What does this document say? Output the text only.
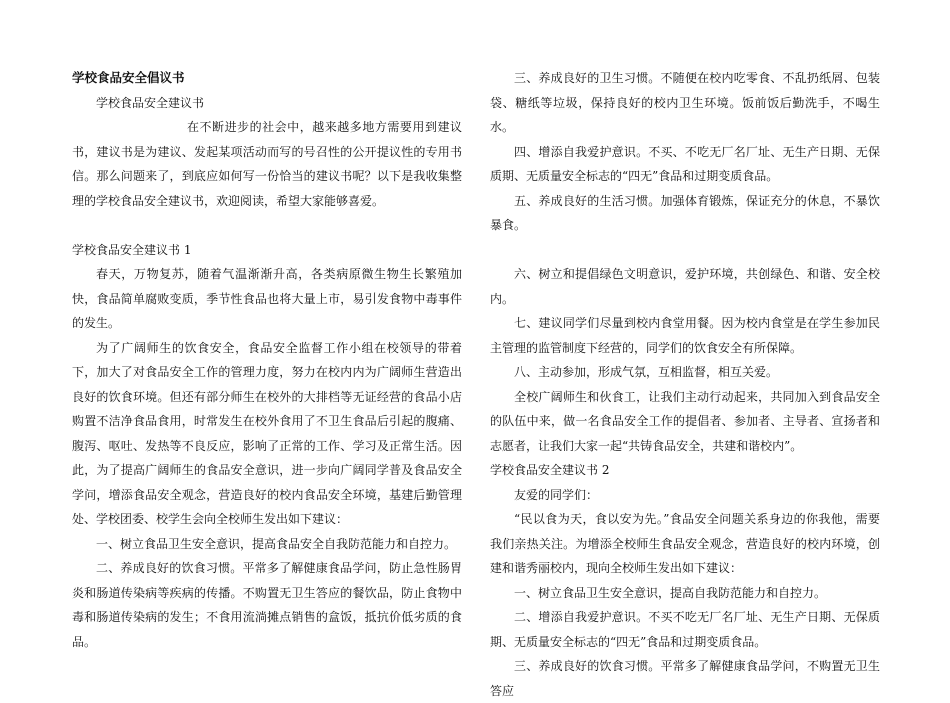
学校食品安全倡议书

学校食品安全建议书

在不断进步的社会中，越来越多地方需要用到建议书，建议书是为建议、发起某项活动而写的号召性的公开提议性的专用书信。那么问题来了，到底应如何写一份恰当的建议书呢？以下是我收集整理的学校食品安全建议书，欢迎阅读，希望大家能够喜爱。

学校食品安全建议书 1

春天，万物复苏，随着气温渐渐升高，各类病原微生物生长繁殖加快，食品简单腐败变质，季节性食品也将大量上市，易引发食物中毒事件的发生。

为了广阔师生的饮食安全，食品安全监督工作小组在校领导的带着下，加大了对食品安全工作的管理力度，努力在校内内为广阔师生营造出良好的饮食环境。但还有部分师生在校外的大排档等无证经营的食品小店购置不洁净食品食用，时常发生在校外食用了不卫生食品后引起的腹痛、腹泻、呕吐、发热等不良反应，影响了正常的工作、学习及正常生活。因此，为了提高广阔师生的食品安全意识，进一步向广阔同学普及食品安全学问，增添食品安全观念，营造良好的校内食品安全环境，基建后勤管理处、学校团委、校学生会向全校师生发出如下建议：

一、树立食品卫生安全意识，提高食品安全自我防范能力和自控力。

二、养成良好的饮食习惯。平常多了解健康食品学问，防止急性肠胃炎和肠道传染病等疾病的传播。不购置无卫生答应的餐饮品，防止食物中毒和肠道传染病的发生；不食用流淌摊点销售的盒饭，抵抗价低劣质的食品。

三、养成良好的卫生习惯。不随便在校内吃零食、不乱扔纸屑、包装袋、糖纸等垃圾，保持良好的校内卫生环境。饭前饭后勤洗手，不喝生水。

四、增添自我爱护意识。不买、不吃无厂名厂址、无生产日期、无保质期、无质量安全标志的“四无”食品和过期变质食品。

五、养成良好的生活习惯。加强体育锻炼，保证充分的休息，不暴饮暴食。

六、树立和提倡绿色文明意识，爱护环境，共创绿色、和谐、安全校内。

七、建议同学们尽量到校内食堂用餐。因为校内食堂是在学生参加民主管理的监管制度下经营的，同学们的饮食安全有所保障。

八、主动参加，形成气氛，互相监督，相互关爱。

全校广阔师生和伙食工，让我们主动行动起来，共同加入到食品安全的队伍中来，做一名食品安全工作的提倡者、参加者、主导者、宣扬者和志愿者，让我们大家一起“共铸食品安全，共建和谐校内”。

学校食品安全建议书 2

友爱的同学们：

“民以食为天，食以安为先。”食品安全问题关系身边的你我他，需要我们亲热关注。为增添全校师生食品安全观念，营造良好的校内环境，创建和谐秀丽校内，现向全校师生发出如下建议：

一、树立食品卫生安全意识，提高自我防范能力和自控力。

二、增添自我爱护意识。不买不吃无厂名厂址、无生产日期、无保质期、无质量安全标志的“四无”食品和过期变质食品。

三、养成良好的饮食习惯。平常多了解健康食品学问，不购置无卫生答应
